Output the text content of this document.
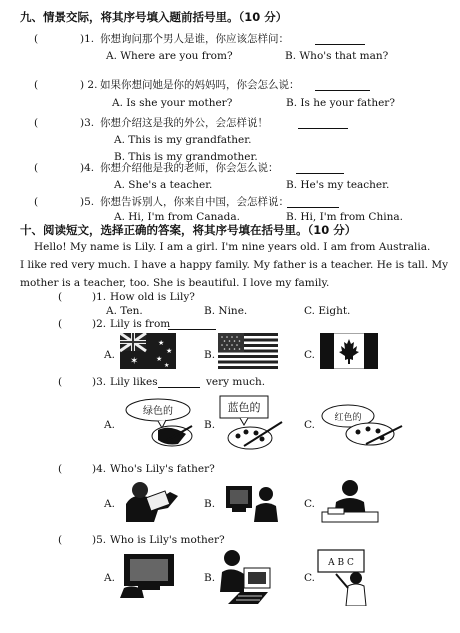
九、情景交际，将其序号填入题前括号里。（10 分）
(	)1. 你想询问那个男人是谁，你应该怎样问：
A. Where are you from?	B. Who's that man?
(	) 2. 如果你想问她是你的妈妈吗，你会怎么说：
A. Is she your mother?	B. Is he your father?
(	)3. 你想介绍这是我的外公，会怎样说！
A. This is my grandfather.
B. This is my grandmother.
(	)4. 你想介绍他是我的老师，你会怎么说：
A. She's a teacher.	B. He's my teacher.
(	)5. 你想告诉别人，你来自中国，会怎样说：
A. Hi, I'm from Canada.	B. Hi, I'm from China.
十、阅读短文，选择正确的答案，将其序号填在括号里。（10 分）
Hello! My name is Lily. I am a girl. I'm nine years old. I am from Australia.
I like red very much. I have a happy family. My father is a teacher. He is tall. My
mother is a teacher, too. She is beautiful. I love my family.
(	)1. How old is Lily?
A. Ten.	B. Nine.	C. Eight.
(	)2. Lily is from
A.
✶
★
★
★
★
B.	C.
(	)3. Lily likes	very much.
A.
绿色的
B.
蓝色的
C.
红色的
(	)4. Who's Lily's father?
A.	B.	C.
(	)5. Who is Lily's mother?
A.	B.	C.
A B C
